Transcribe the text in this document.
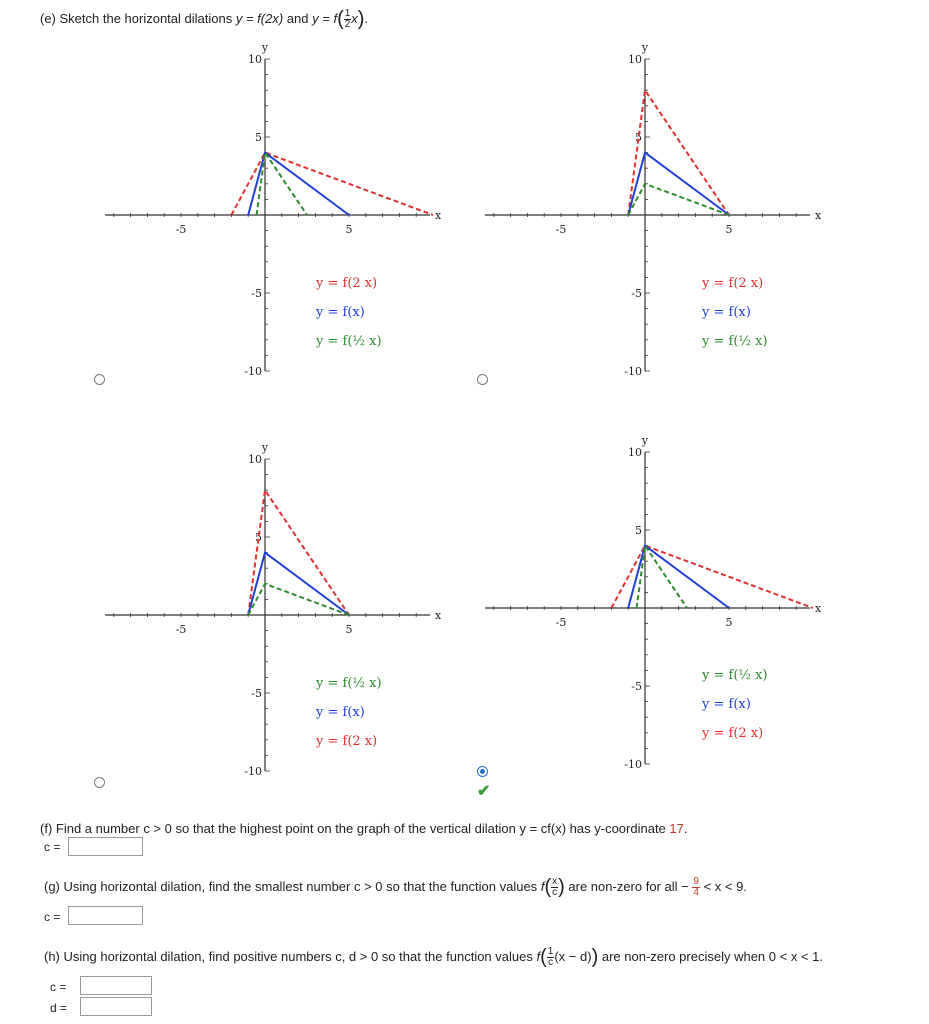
(e) Sketch the horizontal dilations y = f(2x) and $y = f( \frac{1}{2} x)$.
-5	5
10
-10
5
-5
y
x
-5	5
10
-10
5
-5
y
x
-5	5
10
-10
5
-5
y
x
-5	5
10
-10
5
-5
y
x
y = f(2 x)
y = f(x)
y = f(½ x)
y = f(2 x)
y = f(x)
y = f(½ x)
y = f(½ x)
y = f(x)
y = f(2 x)
y = f(½ x)
y = f(x)
y = f(2 x)
✔
(f) Find a number c > 0 so that the highest point on the graph of the vertical dilation y = cf(x) has y-coordinate 17.
c =
(g) Using horizontal dilation, find the smallest number c > 0 so that the function values $f( \frac{x}{c}$ ) are non-zero for all − $\frac{9}{4} < x < 9$.
c =
(h) Using horizontal dilation, find positive numbers c, d > 0 so that the function values $f( \frac{1}{c} (x - d))$ are non-zero precisely when 0 < x < 1.
c =
d =
